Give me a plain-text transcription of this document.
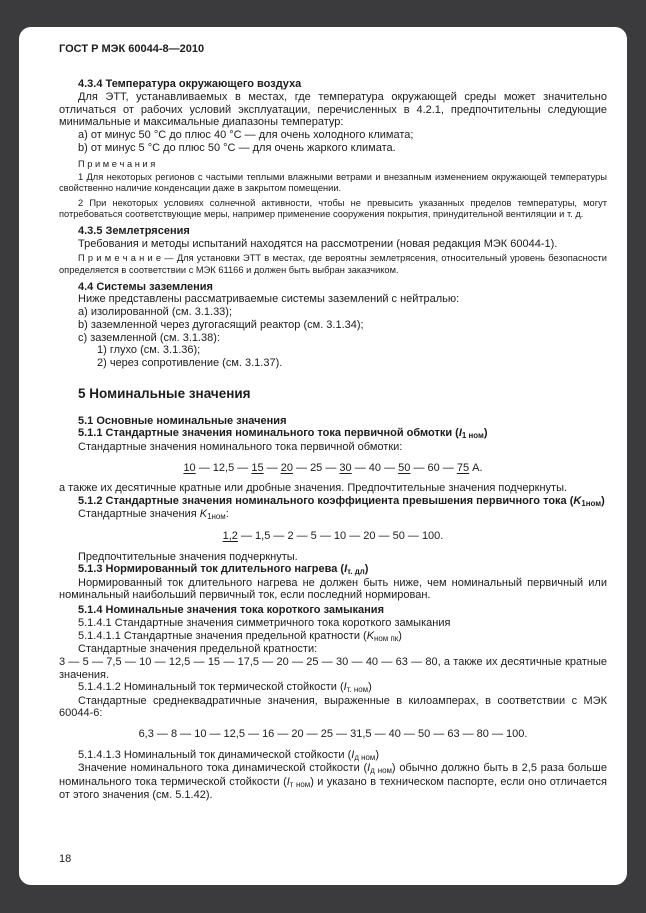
ГОСТ Р МЭК 60044-8—2010

4.3.4 Температура окружающего воздуха

Для ЭТТ, устанавливаемых в местах, где температура окружающей среды может значительно отличаться от рабочих условий эксплуатации, перечисленных в 4.2.1, предпочтительны следующие минимальные и максимальные диапазоны температур:

a) от минус 50 °С до плюс 40 °С — для очень холодного климата;

b) от минус 5 °С до плюс 50 °С — для очень жаркого климата.

П р и м е ч а н и я

1 Для некоторых регионов с частыми теплыми влажными ветрами и внезапным изменением окружающей температуры свойственно наличие конденсации даже в закрытом помещении.

2 При некоторых условиях солнечной активности, чтобы не превысить указанных пределов температуры, могут потребоваться соответствующие меры, например применение сооружения покрытия, принудительной вентиляции и т. д.

4.3.5 Землетрясения

Требования и методы испытаний находятся на рассмотрении (новая редакция МЭК 60044-1).

П р и м е ч а н и е — Для установки ЭТТ в местах, где вероятны землетрясения, относительный уровень безопасности определяется в соответствии с МЭК 61166 и должен быть выбран заказчиком.

4.4 Системы заземления

Ниже представлены рассматриваемые системы заземлений с нейтралью:

a) изолированной (см. 3.1.33);

b) заземленной через дугогасящий реактор (см. 3.1.34);

c) заземленной (см. 3.1.38):

1) глухо (см. 3.1.36);

2) через сопротивление (см. 3.1.37).

5 Номинальные значения

5.1 Основные номинальные значения

5.1.1 Стандартные значения номинального тока первичной обмотки $(I_{1 ном})$

Стандартные значения номинального тока первичной обмотки:

10 — 12,5 — 15 — 20 — 25 — 30 — 40 — 50 — 60 — 75 А.

а также их десятичные кратные или дробные значения. Предпочтительные значения подчеркнуты.

5.1.2 Стандартные значения номинального коэффициента превышения первичного тока $(K_{1ном})$

Стандартные значения $K_{1ном}$:

1,2 — 1,5 — 2 — 5 — 10 — 20 — 50 — 100.

Предпочтительные значения подчеркнуты.

5.1.3 Нормированный ток длительного нагрева $(I_{т. дл})$

Нормированный ток длительного нагрева не должен быть ниже, чем номинальный первичный или номинальный наибольший первичный ток, если последний нормирован.

5.1.4 Номинальные значения тока короткого замыкания

5.1.4.1 Стандартные значения симметричного тока короткого замыкания

5.1.4.1.1 Стандартные значения предельной кратности $(K_{ном пк})$

Стандартные значения предельной кратности:

3 — 5 — 7,5 — 10 — 12,5 — 15 — 17,5 — 20 — 25 — 30 — 40 — 63 — 80, а также их десятичные кратные значения.

5.1.4.1.2 Номинальный ток термической стойкости $(I_{т. ном})$

Стандартные среднеквадратичные значения, выраженные в килоамперах, в соответствии с МЭК 60044-6:

6,3 — 8 — 10 — 12,5 — 16 — 20 — 25 — 31,5 — 40 — 50 — 63 — 80 — 100.

5.1.4.1.3 Номинальный ток динамической стойкости $(I_{д ном})$

Значение номинального тока динамической стойкости $(I_{д ном})$ обычно должно быть в 2,5 раза больше номинального тока термической стойкости $(I_{т ном})$ и указано в техническом паспорте, если оно отличается от этого значения (см. 5.1.42).

18
